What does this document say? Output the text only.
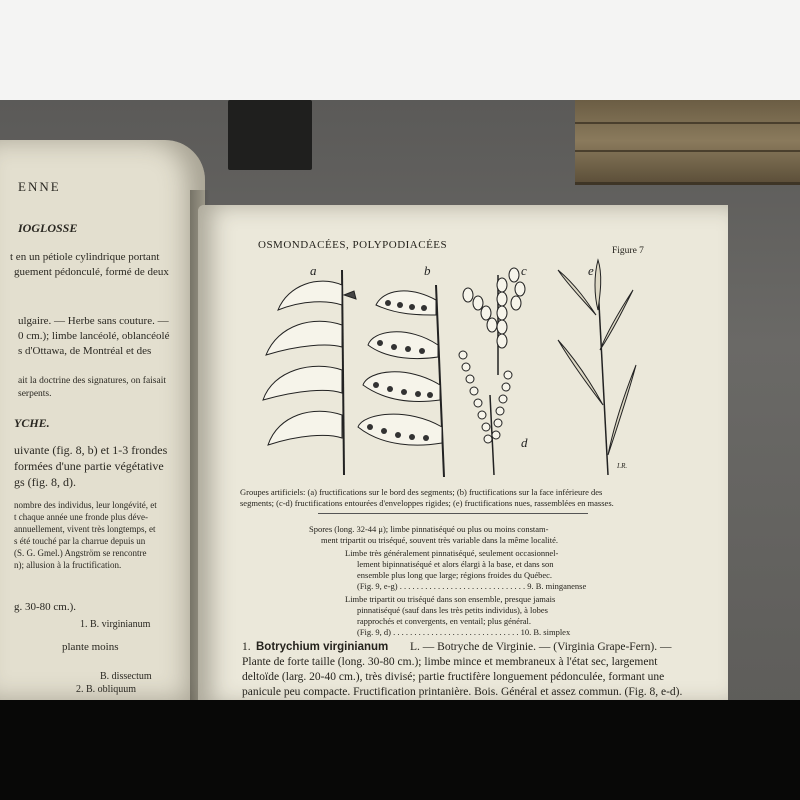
ENNE
IOGLOSSE
t en un pétiole cylindrique portant
guement pédonculé, formé de deux
ulgaire. — Herbe sans couture. —
0 cm.); limbe lancéolé, oblancéolé
s d'Ottawa, de Montréal et des
ait la doctrine des signatures, on faisait
serpents.
YCHE.
uivante (fig. 8, b) et 1-3 frondes
formées d'une partie végétative
gs (fig. 8, d).
nombre des individus, leur longévité, et
t chaque année une fronde plus déve-
annuellement, vivent très longtemps, et
s été touché par la charrue depuis un
(S. G. Gmel.) Angström se rencontre
n); allusion à la fructification.
g. 30-80 cm.).
1. B. virginianum
plante moins
2. B. obliquum
B. dissectum
OSMONDACÉES, POLYPODIACÉES	Figure 7
a	b	c
d
e
I.R.
Groupes artificiels: (a) fructifications sur le bord des segments; (b) fructifications sur la face inférieure des
segments; (c-d) fructifications entourées d'enveloppes rigides; (e) fructifications nues, rassemblées en masses.
Spores (long. 32-44 μ); limbe pinnatiséqué ou plus ou moins constam-
ment tripartit ou triséqué, souvent très variable dans la même localité.
Limbe très généralement pinnatiséqué, seulement occasionnel-
lement bipinnatiséqué et alors élargi à la base, et dans son
ensemble plus long que large; régions froides du Québec.
(Fig. 9, e-g) . . . . . . . . . . . . . . . . . . . . . . . . . . . . . . 9. B. minganense
Limbe tripartit ou triséqué dans son ensemble, presque jamais
pinnatiséqué (sauf dans les très petits individus), à lobes
rapprochés et convergents, en ventail; plus général.
(Fig. 9, d) . . . . . . . . . . . . . . . . . . . . . . . . . . . . . . 10. B. simplex
1. Botrychium virginianum L. — Botryche de Virginie. — (Virginia Grape-Fern). —
Plante de forte taille (long. 30-80 cm.); limbe mince et membraneux à l'état sec, largement
deltoïde (larg. 20-40 cm.), très divisé; partie fructifère longuement pédonculée, formant une
panicule peu compacte. Fructification printanière. Bois. Général et assez commun. (Fig. 8, e-d).
